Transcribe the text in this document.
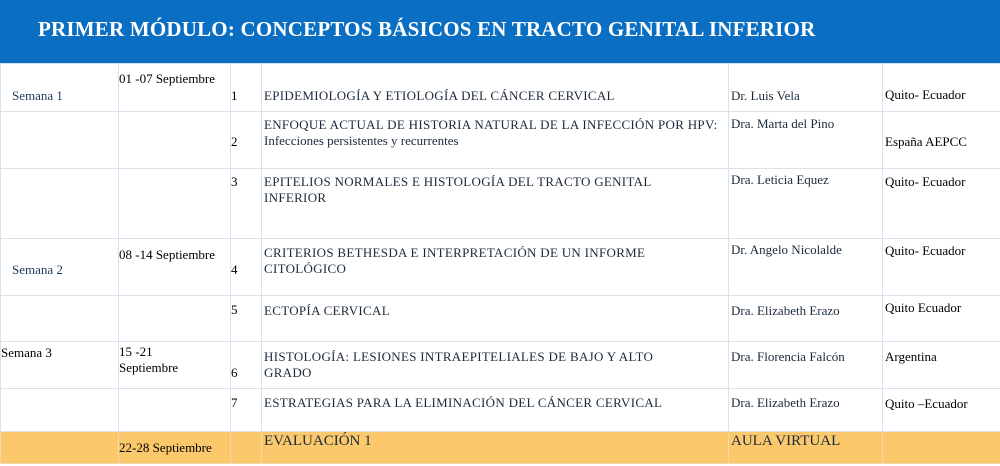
PRIMER MÓDULO: CONCEPTOS BÁSICOS EN TRACTO GENITAL INFERIOR
Semana 1	01 -07 Septiembre	1	EPIDEMIOLOGÍA Y ETIOLOGÍA DEL CÁNCER CERVICAL	Dr. Luis Vela	Quito- Ecuador

		2	ENFOQUE ACTUAL DE HISTORIA NATURAL DE LA INFECCIÓN POR HPV: Infecciones persistentes y recurrentes	Dra. Marta del Pino	España AEPCC

		3	EPITELIOS NORMALES E HISTOLOGÍA DEL TRACTO GENITAL INFERIOR	Dra. Leticia Equez	Quito- Ecuador

Semana 2	08 -14 Septiembre	4	CRITERIOS BETHESDA E INTERPRETACIÓN DE UN INFORME CITOLÓGICO	Dr. Angelo Nicolalde	Quito- Ecuador

		5	ECTOPÍA CERVICAL	Dra. Elizabeth Erazo	Quito Ecuador

Semana 3	15 -21 Septiembre	6	HISTOLOGÍA: LESIONES INTRAEPITELIALES DE BAJO Y ALTO GRADO	Dra. Florencia Falcón	Argentina

		7	ESTRATEGIAS PARA LA ELIMINACIÓN DEL CÁNCER CERVICAL	Dra. Elizabeth Erazo	Quito –Ecuador

	22-28 Septiembre		EVALUACIÓN 1	AULA VIRTUAL	
